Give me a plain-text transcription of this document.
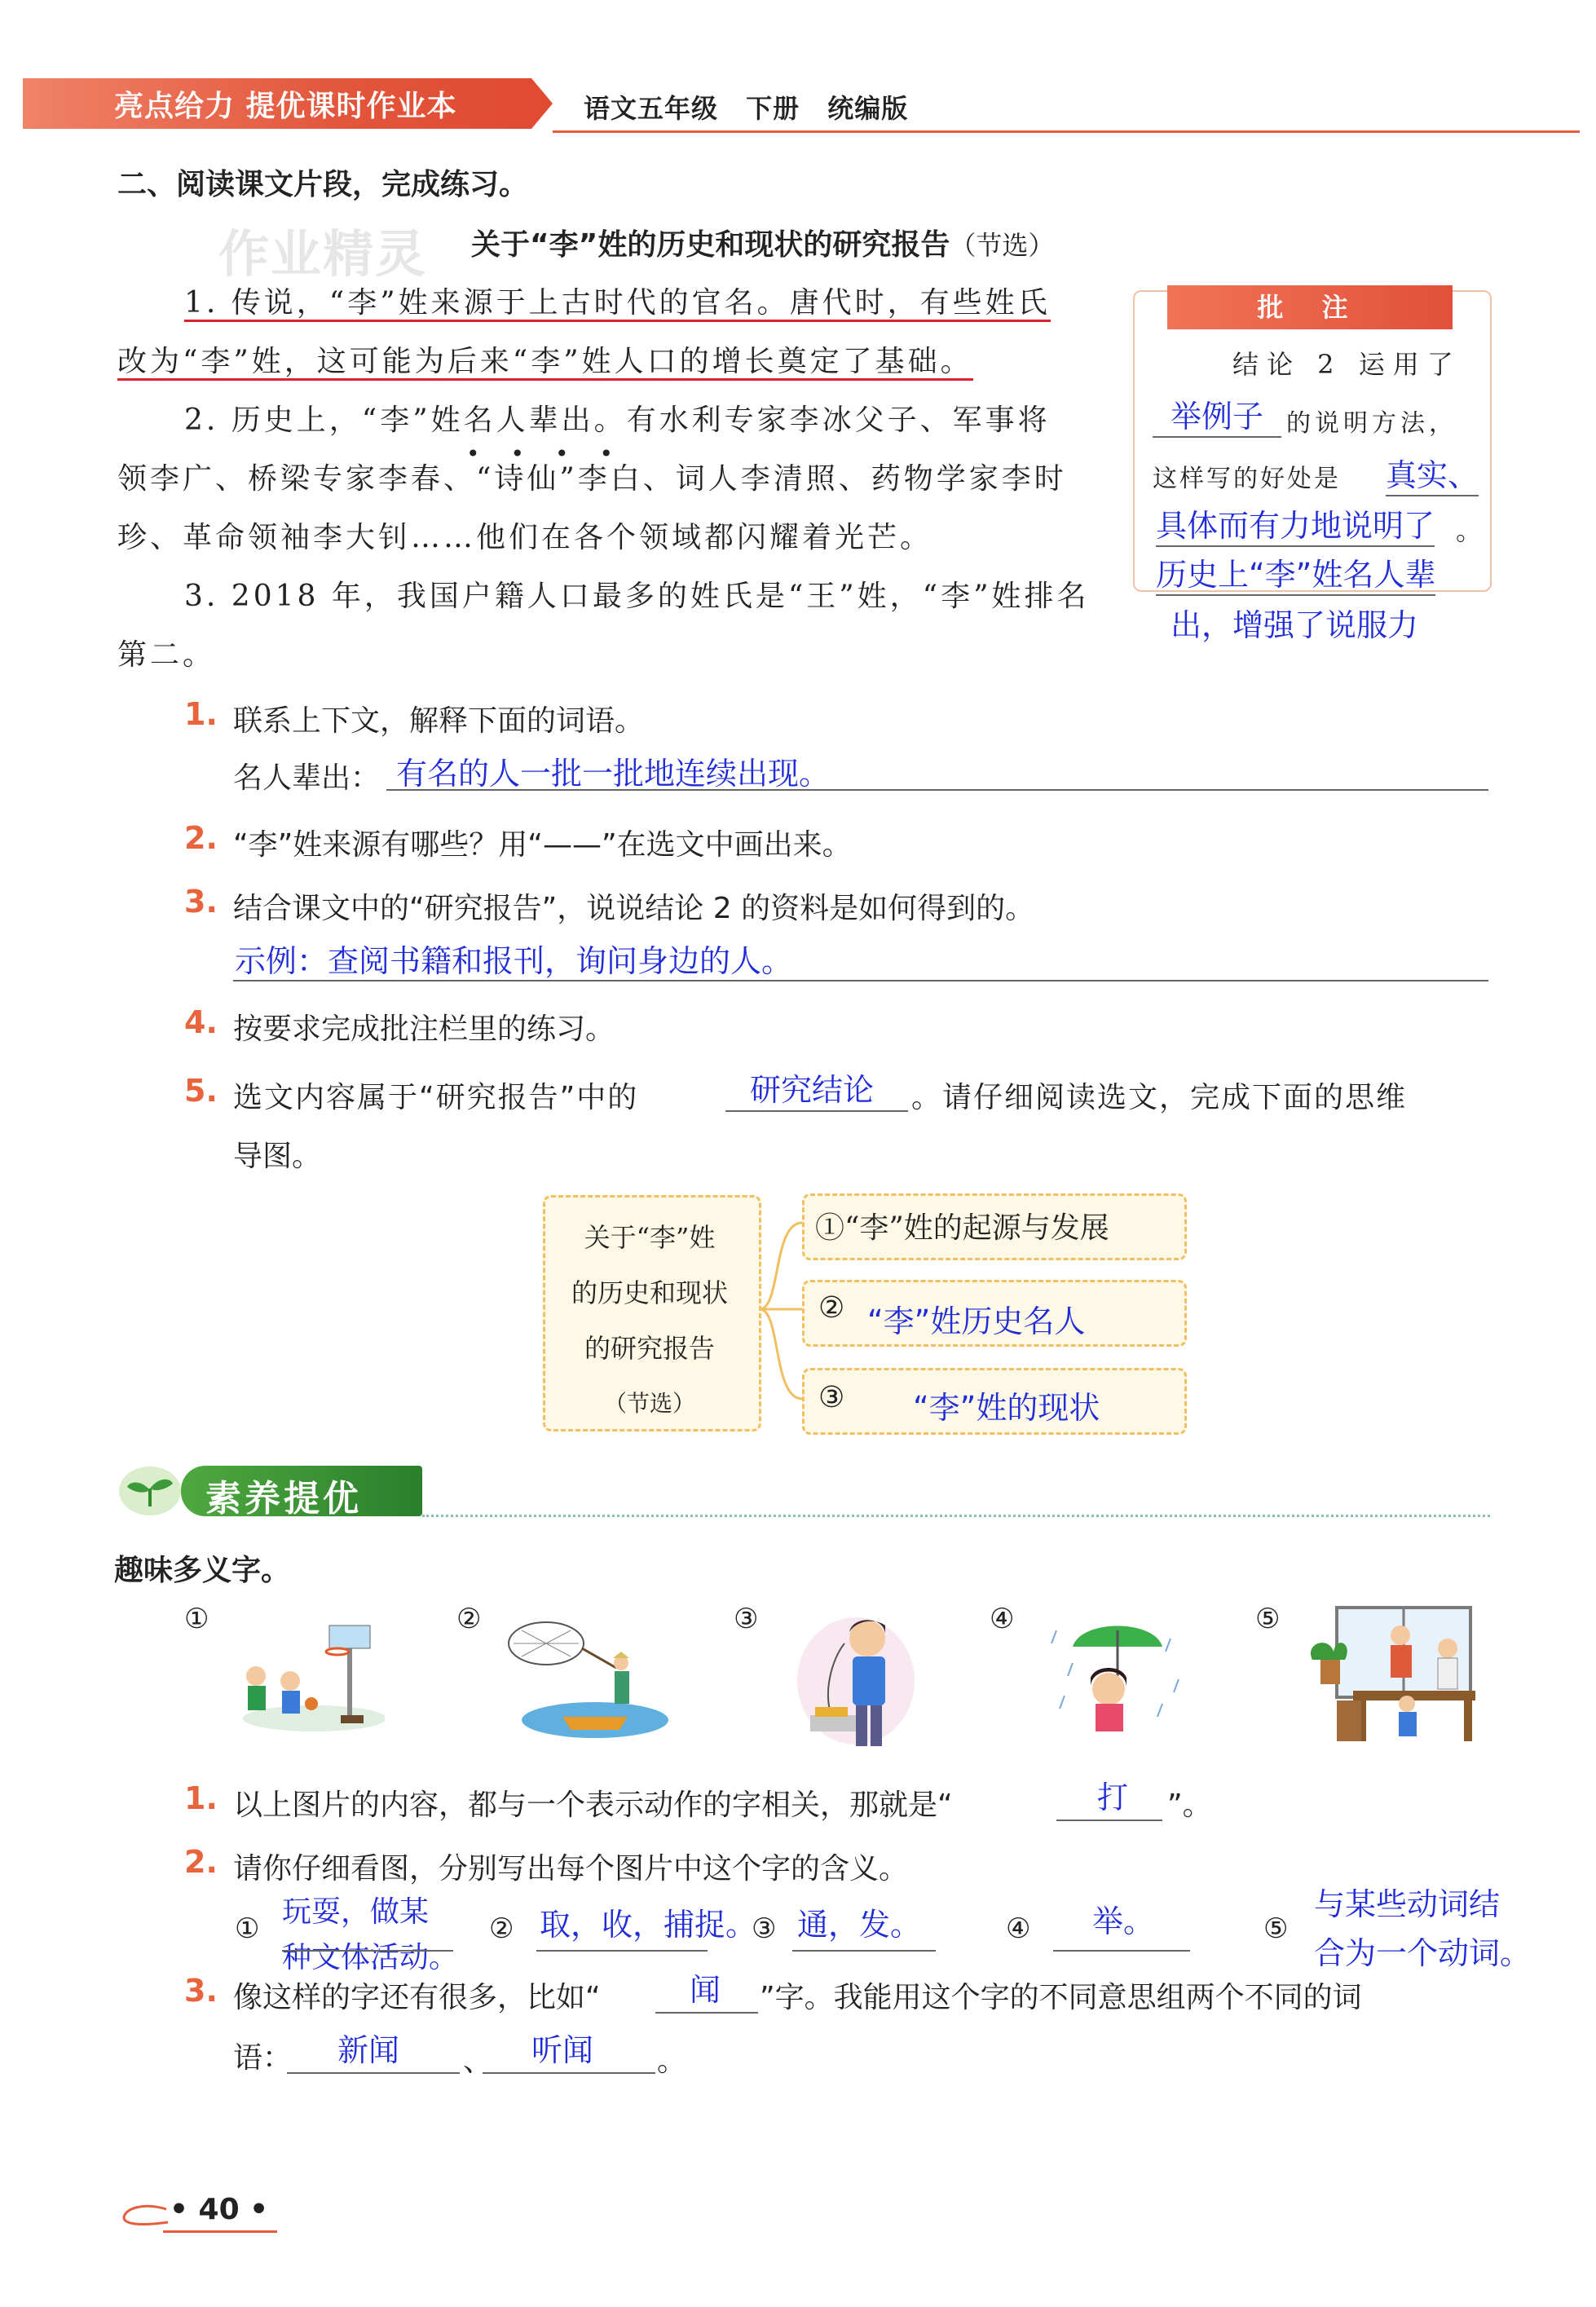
亮点给力 提优课时作业本	语文五年级 下册 统编版
二、阅读课文片段，完成练习。
作业精灵 关于“李”姓的历史和现状的研究报告（节选）
1. 传说，“李”姓来源于上古时代的官名。唐代时，有些姓氏
改为“李”姓，这可能为后来“李”姓人口的增长奠定了基础。
2. 历史上，“李”姓名人辈出。有水利专家李冰父子、军事将
领李广、桥梁专家李春、“诗仙”李白、词人李清照、药物学家李时
珍、革命领袖李大钊……他们在各个领域都闪耀着光芒。
3. 2018 年，我国户籍人口最多的姓氏是“王”姓，“李”姓排名
第二。
••••
批 注
结论 2 运用了
举例子 的说明方法，
这样写的好处是 真实、
具体而有力地说明了 。
历史上“李”姓名人辈
出，增强了说服力
1. 联系上下文，解释下面的词语。
名人辈出： 有名的人一批一批地连续出现。
2. “李”姓来源有哪些？用“——”在选文中画出来。
3. 结合课文中的“研究报告”，说说结论 2 的资料是如何得到的。
示例：查阅书籍和报刊，询问身边的人。
4. 按要求完成批注栏里的练习。
5. 选文内容属于“研究报告”中的	研究结论 。请仔细阅读选文，完成下面的思维
导图。
关于“李”姓
的历史和现状
的研究报告
（节选）
①“李”姓的起源与发展
② “李”姓历史名人
③ “李”姓的现状
素养提优
趣味多义字。
①	②	③	④	⑤
1. 以上图片的内容，都与一个表示动作的字相关，那就是“	打 ”。
2. 请你仔细看图，分别写出每个图片中这个字的含义。
① 玩耍，做某
种文体活动。
② 取，收，捕捉。
③ 通，发。	④ 举。	⑤
与某些动词结
合为一个动词。
3. 像这样的字还有很多，比如“	闻 ”字。我能用这个字的不同意思组两个不同的词
语： 新闻 、 听闻 。
• 40 •
